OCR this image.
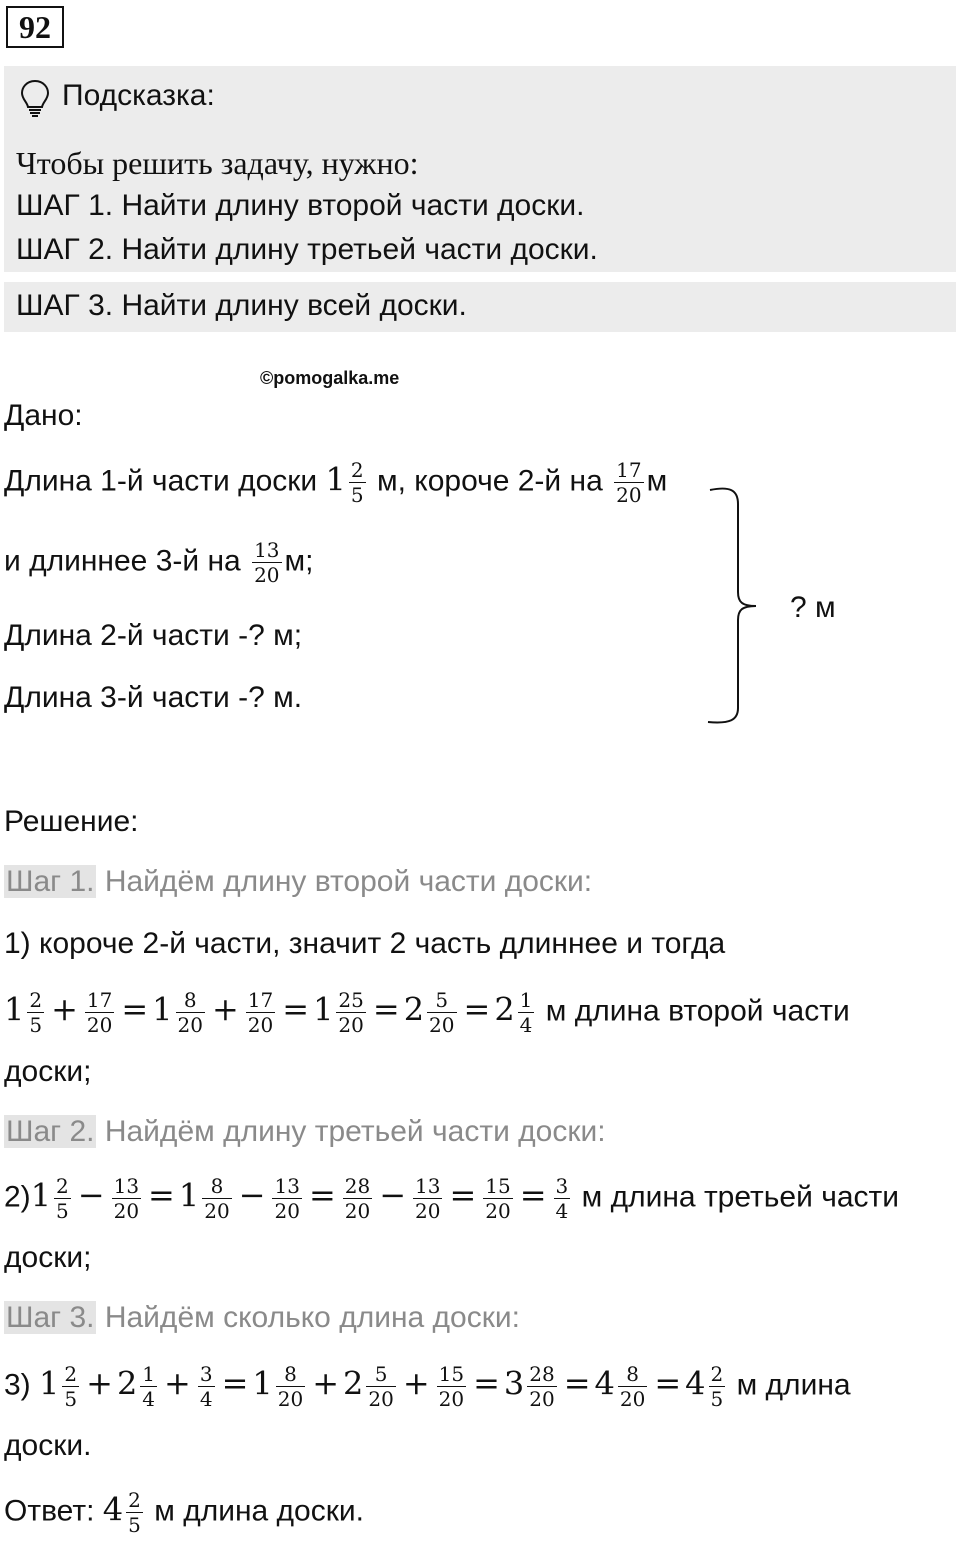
92
Подсказка:
Чтобы решить задачу, нужно:
ШАГ 1. Найти длину второй части доски.
ШАГ 2. Найти длину третьей части доски.
ШАГ 3. Найти длину всей доски.
©pomogalka.me
Дано:
Длина 1-й части доски $1 \frac{2}{5} м$, короче 2-й на $\frac{17}{20}$ м
и длиннее 3-й на $\frac{13}{20} м$;
Длина 2-й части -? м;
Длина 3-й части -? м.
? м
Решение:
Шаг 1. Найдём длину второй части доски:
1) короче 2-й части, значит 2 часть длиннее и тогда
$1 \frac{2}{5} + \frac{17}{20} = 1 \frac{8}{20} + \frac{17}{20} = 1 \frac{25}{20} = 2 \frac{5}{20} = 2 \frac{1}{4}$ м длина второй части
доски;
Шаг 2. Найдём длину третьей части доски:
$2)1 \frac{2}{5} - \frac{13}{20} = 1 \frac{8}{20} - \frac{13}{20} = \frac{28}{20} - \frac{13}{20} = \frac{15}{20} = \frac{3}{4}$ м длина третьей части
доски;
Шаг 3. Найдём сколько длина доски:
3) $1 \frac{2}{5} + 2 \frac{1}{4} + \frac{3}{4} = 1 \frac{8}{20} + 2 \frac{5}{20} + \frac{15}{20} = 3 \frac{28}{20} = 4 \frac{8}{20} = 4 \frac{2}{5}$ м длина
доски.
Ответ: $4 \frac{2}{5}$ м длина доски.
